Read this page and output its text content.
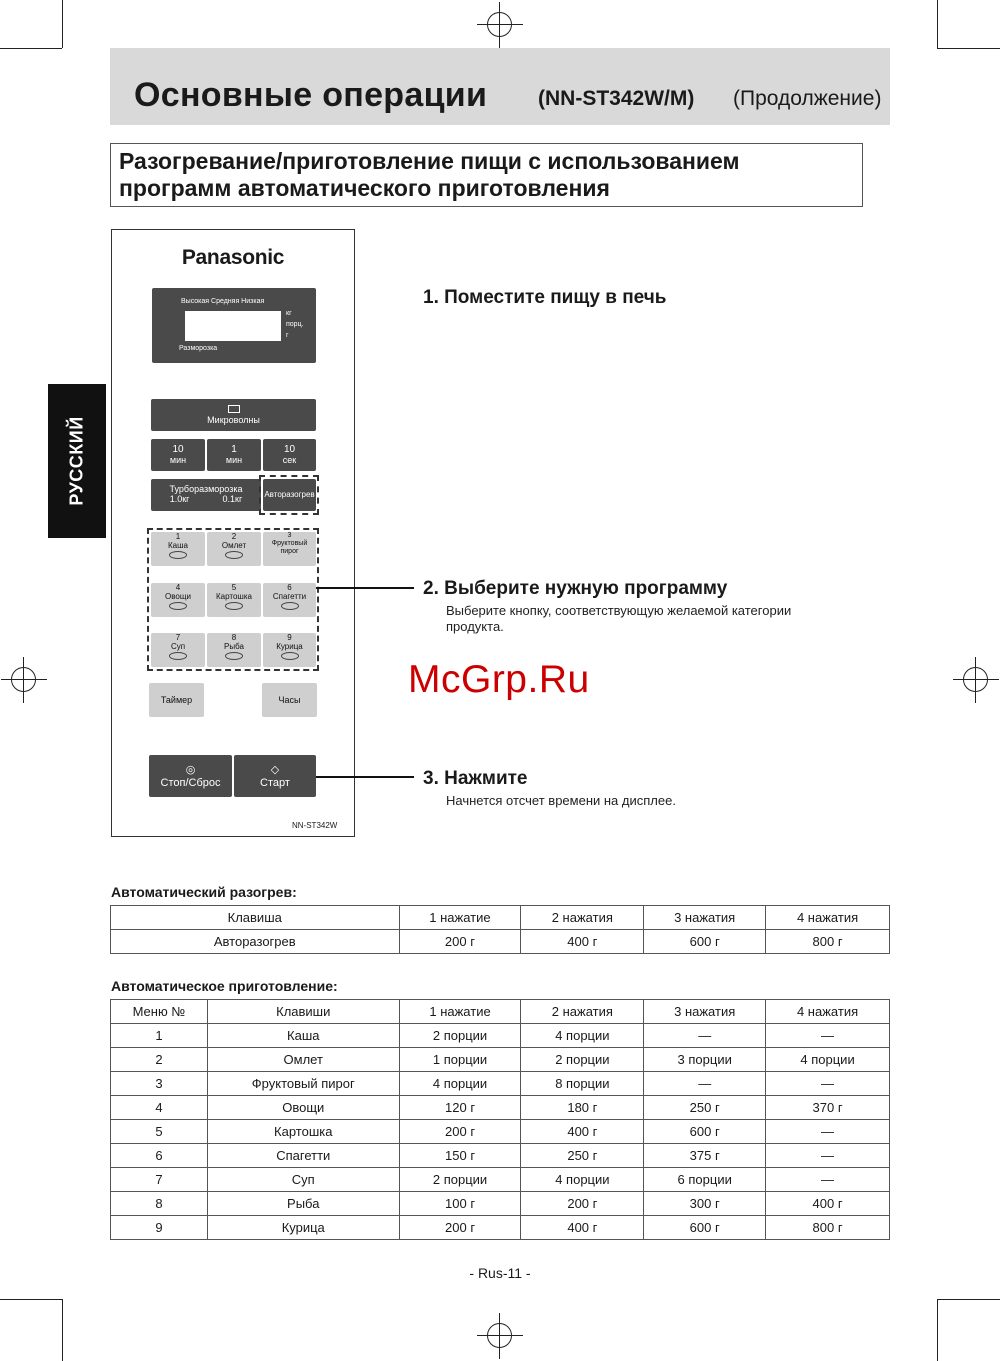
Основные операции (NN-ST342W/M) (Продолжение)
Разогревание/приготовление пищи с использованием
программ автоматического приготовления
РУССКИЙ
Panasonic
Высокая Средняя Низкая
кг
порц.
г
Разморозка
Микроволны
10
мин
1
мин
10
сек
Турборазморозка
1.0кг	0.1кг	Авторазогрев
1
Каша
2
Омлет
3
Фруктовый пирог
4
Овощи
5
Картошка
6
Спагетти
7
Суп
8
Рыба
9
Курица
Таймер	Часы
◎
Стоп/Сброс
◇
Старт
NN-ST342W
1. Поместите пищу в печь
2. Выберите нужную программу
Выберите кнопку, соответствующую желаемой категории продукта.
3. Нажмите
Начнется отсчет времени на дисплее.
McGrp.Ru
Автоматический разогрев:
Клавиша	1 нажатие	2 нажатия	3 нажатия	4 нажатия
Авторазогрев	200 г	400 г	600 г	800 г
Автоматическое приготовление:
Меню №	Клавиши	1 нажатие	2 нажатия	3 нажатия	4 нажатия
1	Каша	2 порции	4 порции	—	—
2	Омлет	1 порции	2 порции	3 порции	4 порции
3	Фруктовый пирог	4 порции	8 порции	—	—
4	Овощи	120 г	180 г	250 г	370 г
5	Картошка	200 г	400 г	600 г	—
6	Спагетти	150 г	250 г	375 г	—
7	Суп	2 порции	4 порции	6 порции	—
8	Рыба	100 г	200 г	300 г	400 г
9	Курица	200 г	400 г	600 г	800 г
- Rus-11 -
